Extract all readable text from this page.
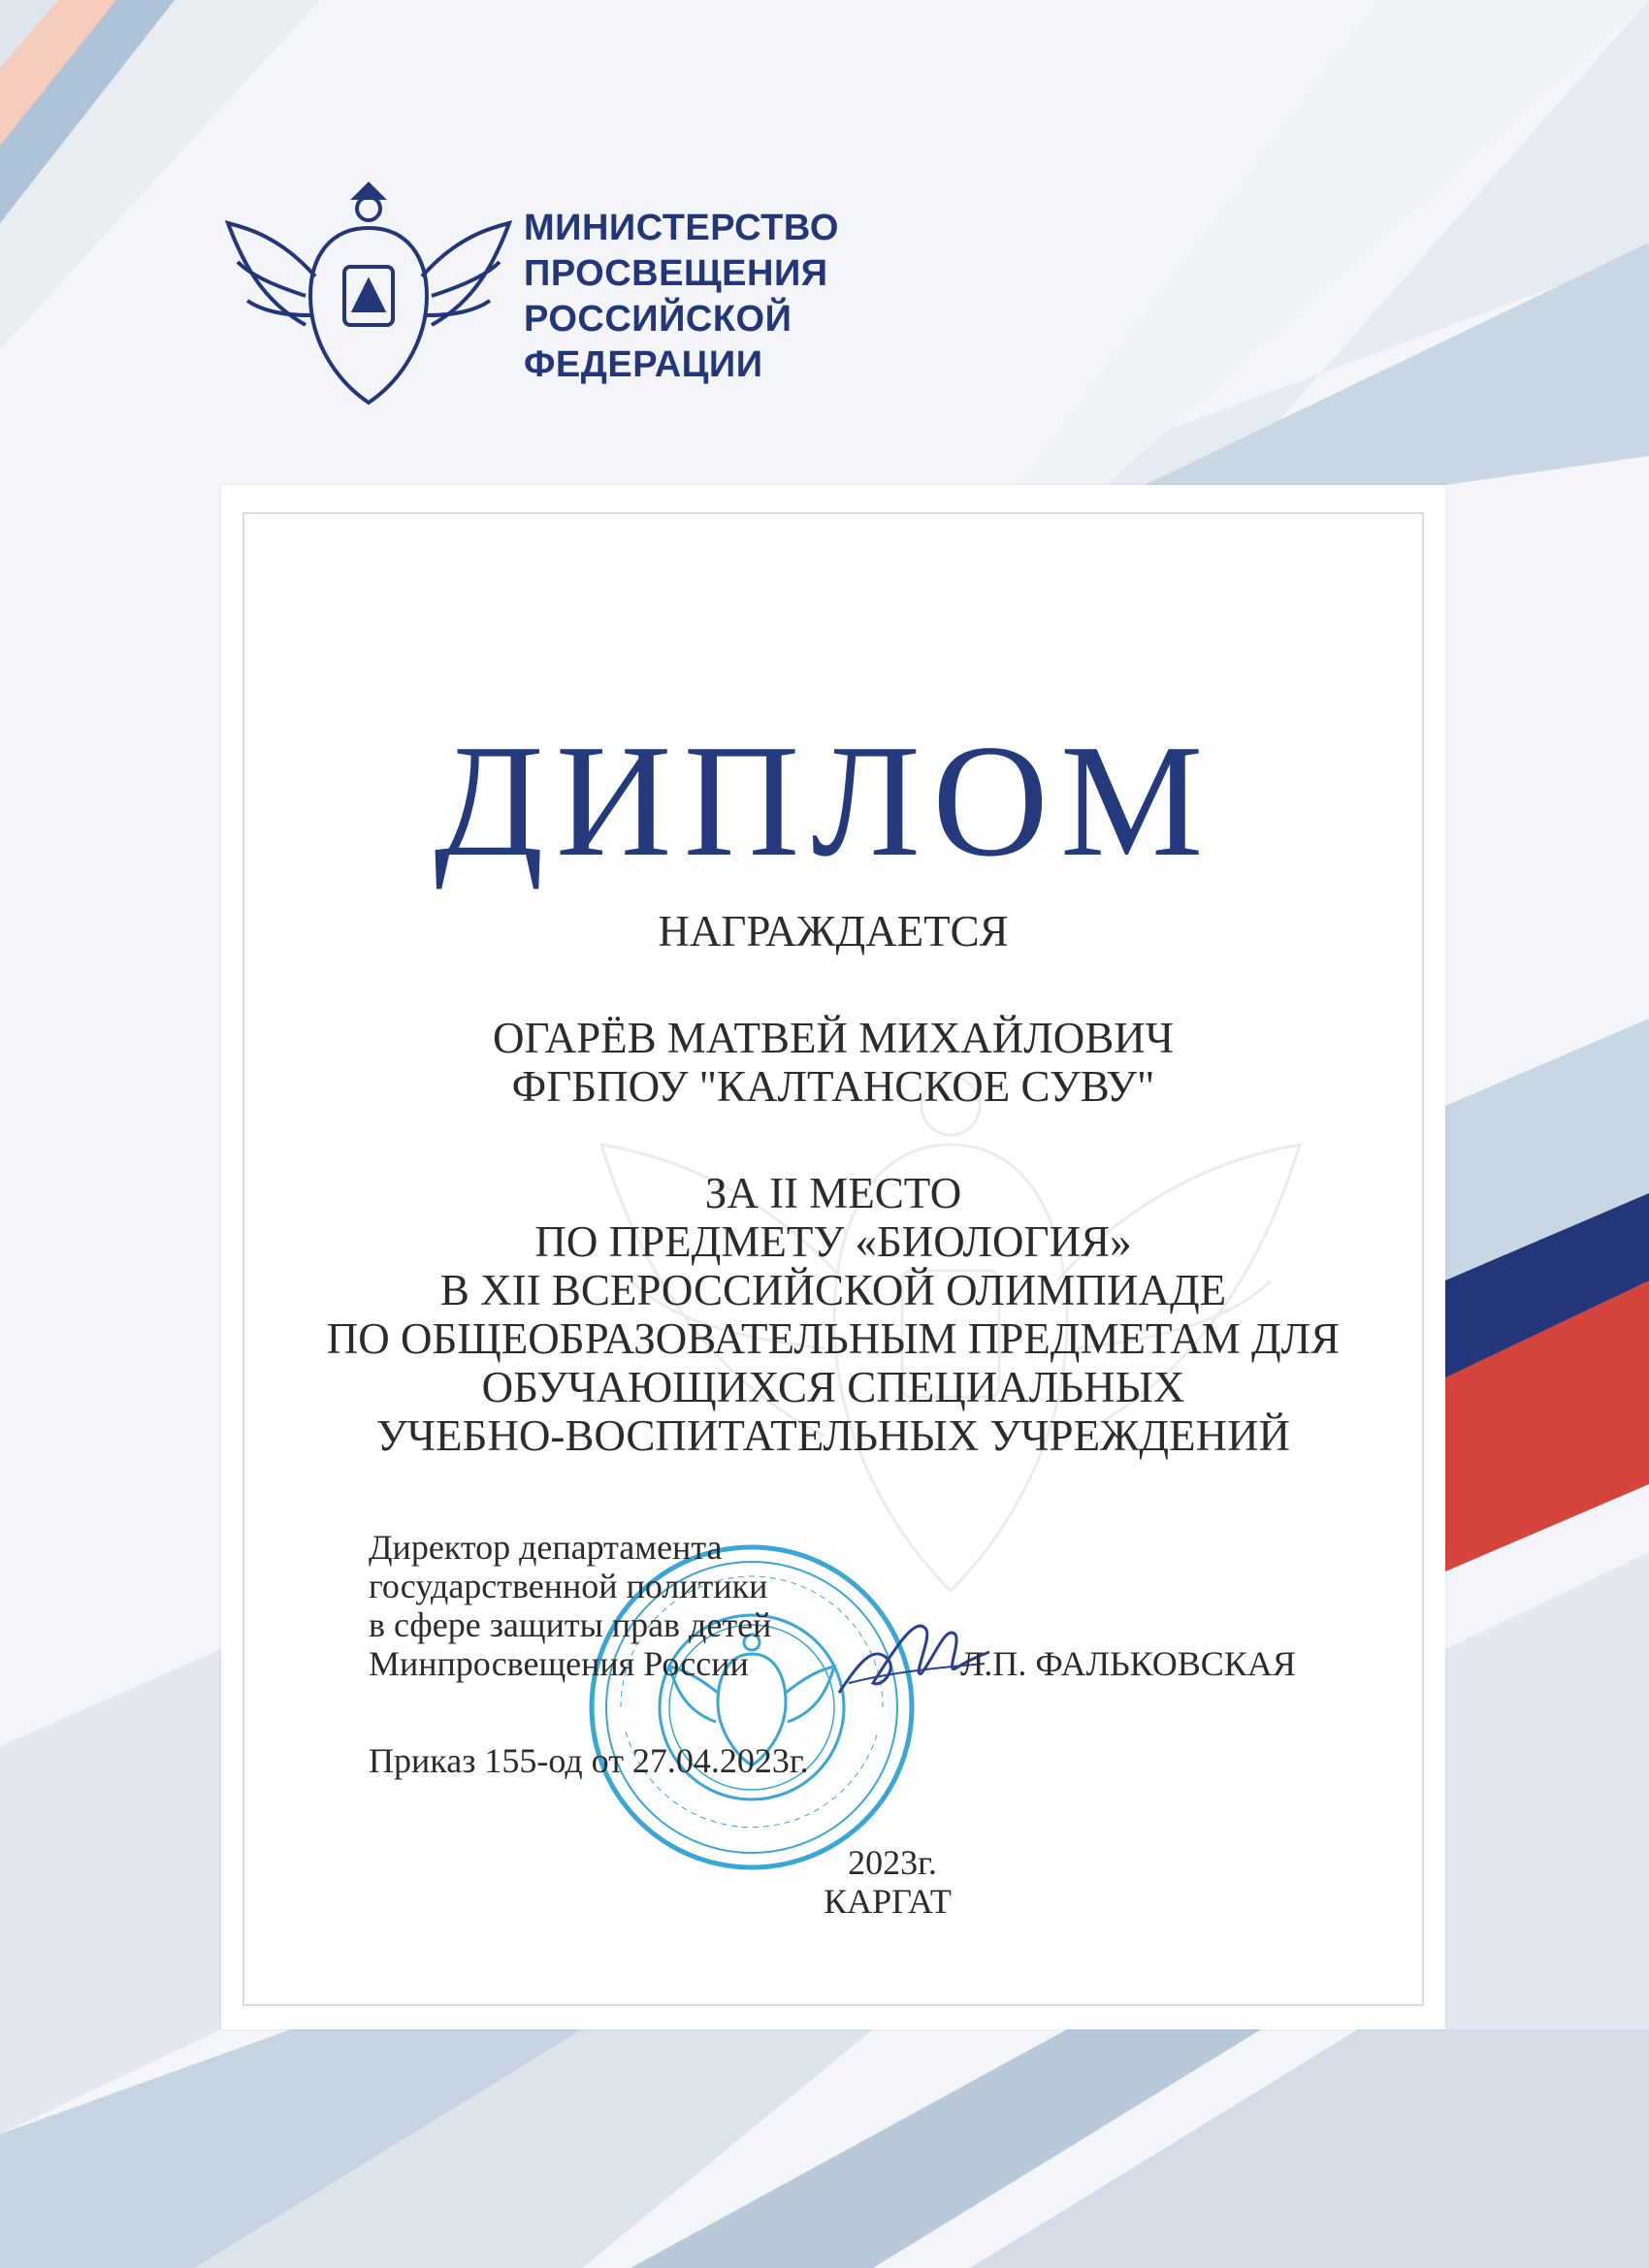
МИНИСТЕРСТВО
ПРОСВЕЩЕНИЯ
РОССИЙСКОЙ
ФЕДЕРАЦИИ
ДИПЛОМ
НАГРАЖДАЕТСЯ
ОГАРЁВ МАТВЕЙ МИХАЙЛОВИЧ
ФГБПОУ "КАЛТАНСКОЕ СУВУ"
ЗА II МЕСТО
ПО ПРЕДМЕТУ «БИОЛОГИЯ»
В XII ВСЕРОССИЙСКОЙ ОЛИМПИАДЕ
ПО ОБЩЕОБРАЗОВАТЕЛЬНЫМ ПРЕДМЕТАМ ДЛЯ
ОБУЧАЮЩИХСЯ СПЕЦИАЛЬНЫХ
УЧЕБНО-ВОСПИТАТЕЛЬНЫХ УЧРЕЖДЕНИЙ
Директор департамента
государственной политики
в сфере защиты прав детей
Минпросвещения России	Л.П. ФАЛЬКОВСКАЯ
Приказ 155-од от 27.04.2023г.
2023г.
КАРГАТ
